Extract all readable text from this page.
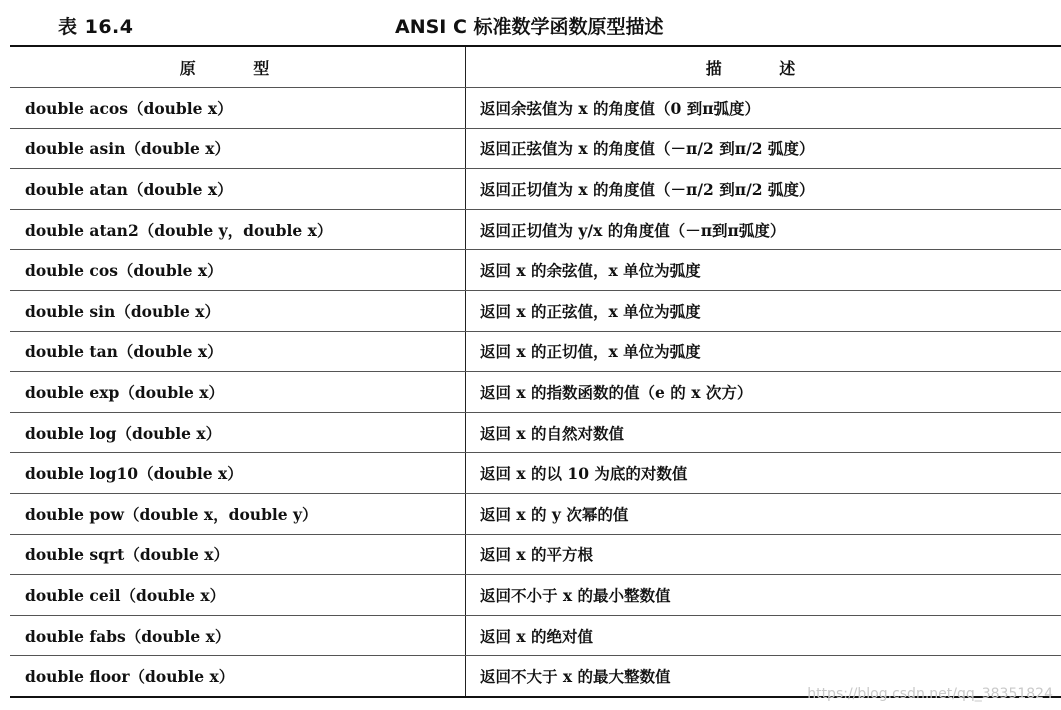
表 16.4	ANSI C 标准数学函数原型描述
原 型	描 述
double acos（double x）	返回余弦值为 x 的角度值（0 到π弧度）
double asin（double x）	返回正弦值为 x 的角度值（－π/2 到π/2 弧度）
double atan（double x）	返回正切值为 x 的角度值（－π/2 到π/2 弧度）
double atan2（double y，double x）	返回正切值为 y/x 的角度值（－π到π弧度）
double cos（double x）	返回 x 的余弦值，x 单位为弧度
double sin（double x）	返回 x 的正弦值，x 单位为弧度
double tan（double x）	返回 x 的正切值，x 单位为弧度
double exp（double x）	返回 x 的指数函数的值（e 的 x 次方）
double log（double x）	返回 x 的自然对数值
double log10（double x）	返回 x 的以 10 为底的对数值
double pow（double x，double y）	返回 x 的 y 次幂的值
double sqrt（double x）	返回 x 的平方根
double ceil（double x）	返回不小于 x 的最小整数值
double fabs（double x）	返回 x 的绝对值
double floor（double x）	返回不大于 x 的最大整数值
https://blog.csdn.net/qq_38351824
